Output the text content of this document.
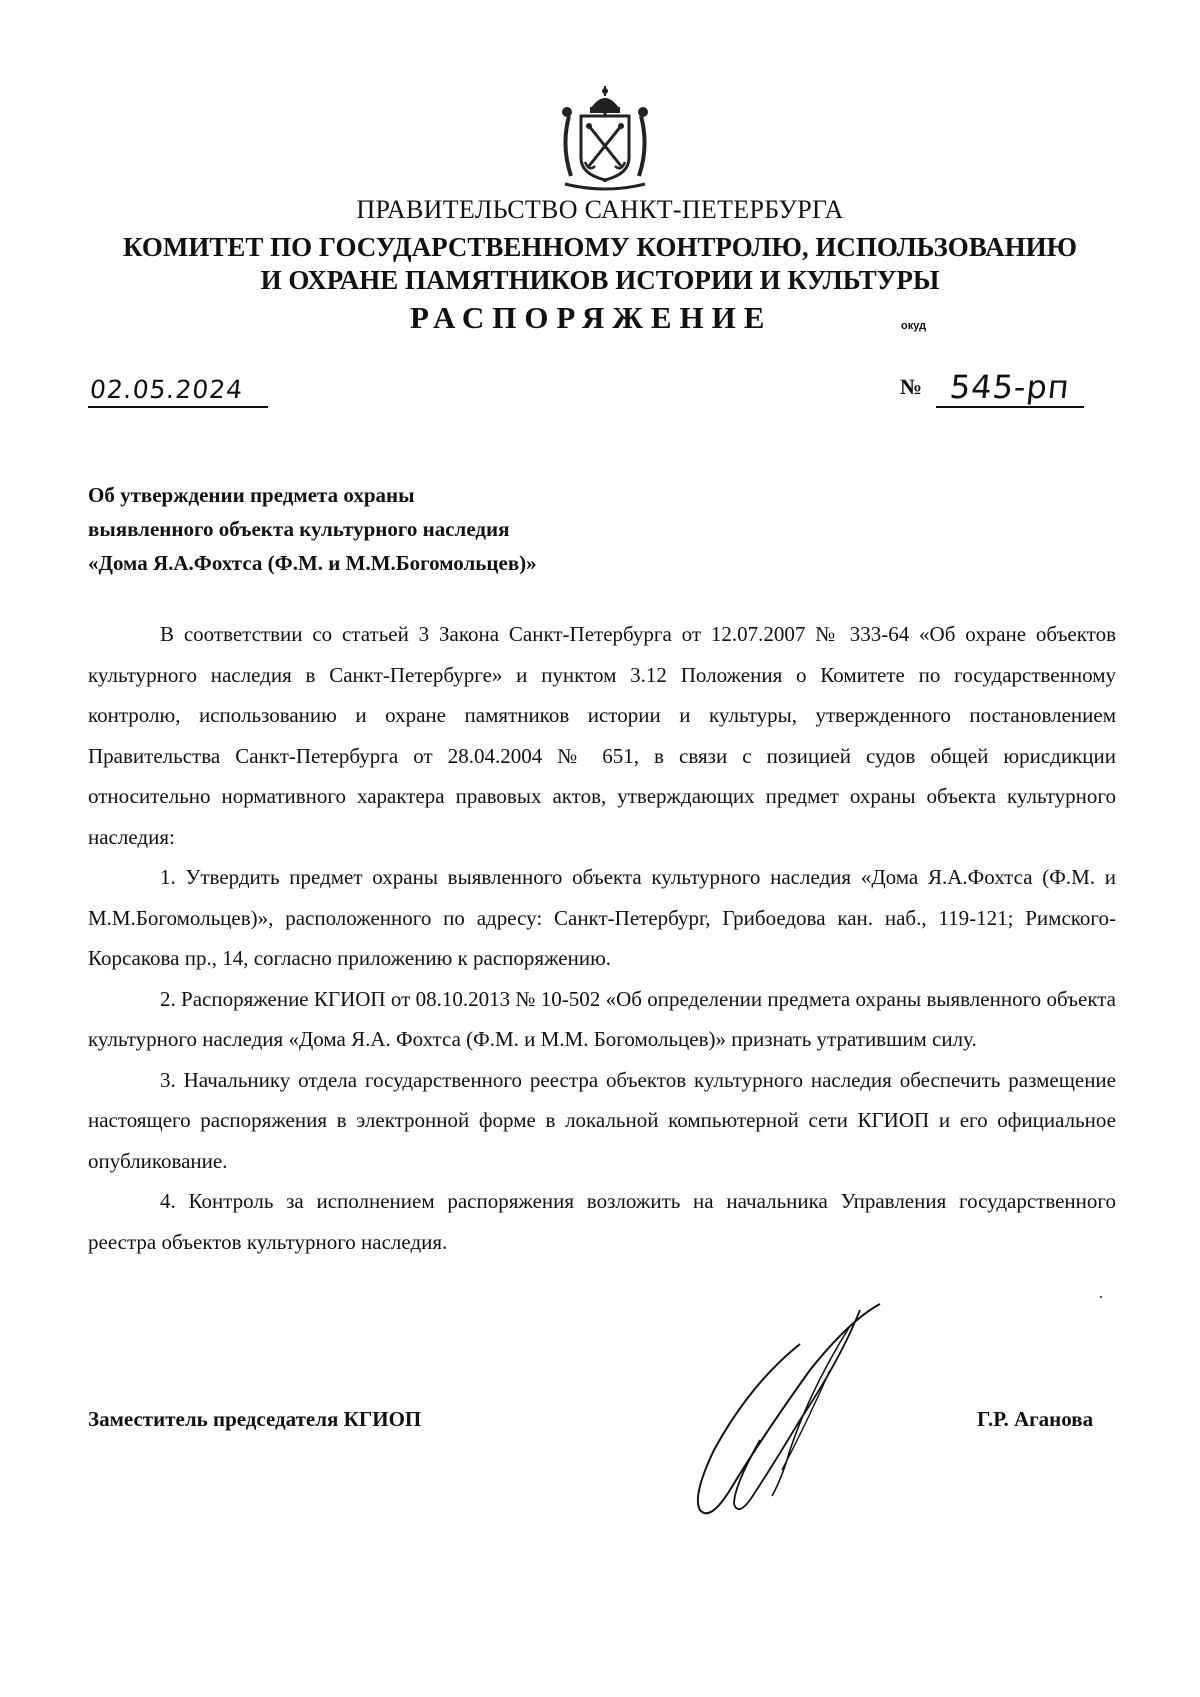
ПРАВИТЕЛЬСТВО САНКТ-ПЕТЕРБУРГА
КОМИТЕТ ПО ГОСУДАРСТВЕННОМУ КОНТРОЛЮ, ИСПОЛЬЗОВАНИЮ
И ОХРАНЕ ПАМЯТНИКОВ ИСТОРИИ И КУЛЬТУРЫ
РАСПОРЯЖЕНИЕ	окуд
02.05.2024	№ 545-рп
Об утверждении предмета охраны
выявленного объекта культурного наследия
«Дома Я.А.Фохтса (Ф.М. и М.М.Богомольцев)»

В соответствии со статьей 3 Закона Санкт-Петербурга от 12.07.2007 № 333-64 «Об охране объектов культурного наследия в Санкт-Петербурге» и пунктом 3.12 Положения о Комитете по государственному контролю, использованию и охране памятников истории и культуры, утвержденного постановлением Правительства Санкт-Петербурга от 28.04.2004 № 651, в связи с позицией судов общей юрисдикции относительно нормативного характера правовых актов, утверждающих предмет охраны объекта культурного наследия:

1. Утвердить предмет охраны выявленного объекта культурного наследия «Дома Я.А.Фохтса (Ф.М. и М.М.Богомольцев)», расположенного по адресу: Санкт-Петербург, Грибоедова кан. наб., 119-121; Римского-Корсакова пр., 14, согласно приложению к распоряжению.

2. Распоряжение КГИОП от 08.10.2013 № 10-502 «Об определении предмета охраны выявленного объекта культурного наследия «Дома Я.А. Фохтса (Ф.М. и М.М. Богомольцев)» признать утратившим силу.

3. Начальнику отдела государственного реестра объектов культурного наследия обеспечить размещение настоящего распоряжения в электронной форме в локальной компьютерной сети КГИОП и его официальное опубликование.

4. Контроль за исполнением распоряжения возложить на начальника Управления государственного реестра объектов культурного наследия.

Заместитель председателя КГИОП	Г.Р. Аганова
